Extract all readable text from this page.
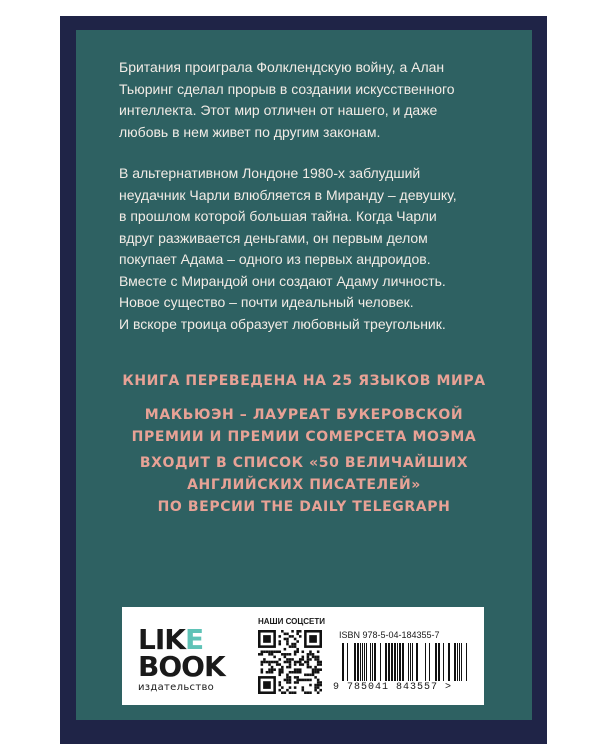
Британия проиграла Фолклендскую войну, а Алан
Тьюринг сделал прорыв в создании искусственного
интеллекта. Этот мир отличен от нашего, и даже
любовь в нем живет по другим законам.
В альтернативном Лондоне 1980-х заблудший
неудачник Чарли влюбляется в Миранду – девушку,
в прошлом которой большая тайна. Когда Чарли
вдруг разживается деньгами, он первым делом
покупает Адама – одного из первых андроидов.
Вместе с Мирандой они создают Адаму личность.
Новое существо – почти идеальный человек.
И вскоре троица образует любовный треугольник.
КНИГА ПЕРЕВЕДЕНА НА 25 ЯЗЫКОВ МИРА
МАКЬЮЭН – ЛАУРЕАТ БУКЕРОВСКОЙ
ПРЕМИИ И ПРЕМИИ СОМЕРСЕТА МОЭМА
ВХОДИТ В СПИСОК «50 ВЕЛИЧАЙШИХ
АНГЛИЙСКИХ ПИСАТЕЛЕЙ»
ПО ВЕРСИИ THE DAILY TELEGRAPH
LIK E
BOO K
издательство
НАШИ СОЦСЕТИ
ISBN 978-5-04-184355-7
9 785041 843557 >
